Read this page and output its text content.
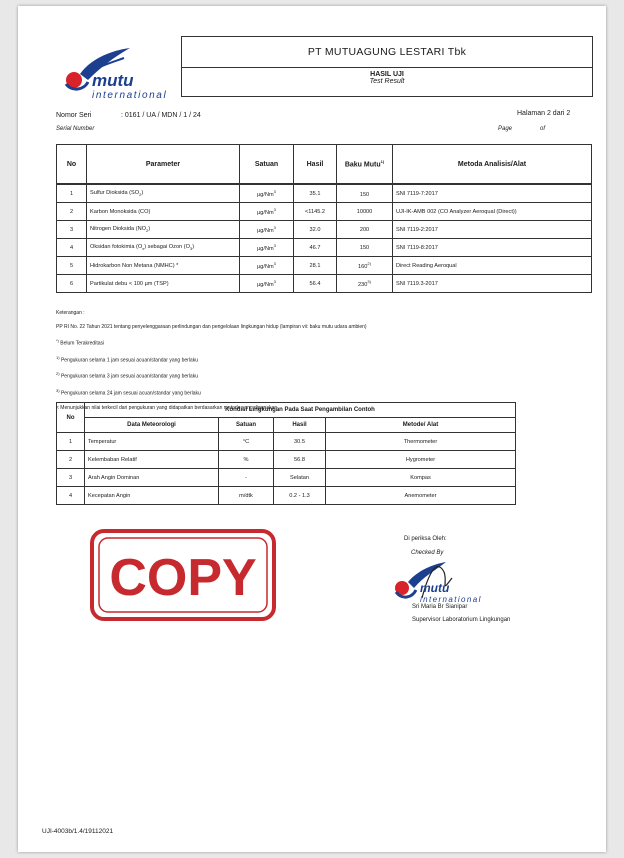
mutu
international
PT MUTUAGUNG LESTARI Tbk
HASIL UJI
Test Result
Nomor Seri	: 0161 / UA / MDN / 1 / 24
Serial Number
Halaman 2 dari 2
Page	of
No	Parameter	Satuan	Hasil	Baku Mutu$^{1)}$	Metoda Analisis/Alat
1	Sulfur Dioksida $(SO_2)$	µg/Nm$^3$	35.1	150	SNI 7119-7:2017
2	Karbon Monoksida (CO)	$\mu g/Nm^3$	<1145.2	10000	UJI-IK-AMB 002 (CO Analyzer Aeroqual (Direct))
3	Nitrogen Dioksida $(NO_2)$	µg/Nm$^3$	32.0	200	SNI 7119-2:2017
4	Oksidan fotokimia $(O_x)$ sebagai Ozon $(O_3)$	µg/Nm$^3$	46.7	150	SNI 7119-8:2017
5	Hidrokarbon Non Metana (NMHC) *	µg/Nm$^3$	28.1	160$^{2)}$	Direct Reading Aeroqual
6	Partikulat debu < 100 µm (TSP)	µg/Nm$^3$	56.4	230$^{3)}$	SNI 7119.3-2017
Keterangan :
PP RI No. 22 Tahun 2021 tentang penyelenggaraan perlindungan dan pengelolaan lingkungan hidup (lampiran vii: baku mutu udara ambien)
*) Belum Terakreditasi
$^{1)}$ Pengukuran selama 1 jam sesuai acuan/standar yang berlaku
$^{2)}$ Pengukuran selama 3 jam sesuai acuan/standar yang berlaku
$^{3)}$ Pengukuran selama 24 jam sesuai acuan/standar yang berlaku
< Menunjukkan nilai terkecil dari pengukuran yang didapatkan berdasarkan metode yang digunakan
No	Kondisi Lingkungan Pada Saat Pengambilan Contoh			
	Data Meteorologi	Satuan	Hasil	Metode/ Alat
1	Temperatur	°C	30.5	Thermometer
2	Kelembaban Relatif	%	56.8	Hygrometer
3	Arah Angin Dominan	-	Selatan	Kompas
4	Kecepatan Angin	m/dtk	0.2 - 1.3	Anemometer
COPY
Di periksa Oleh:
Checked By
mutu
international
Sri Maria Br Sianipar
Supervisor Laboratorium Lingkungan
UJI-4003b/1.4/19112021
